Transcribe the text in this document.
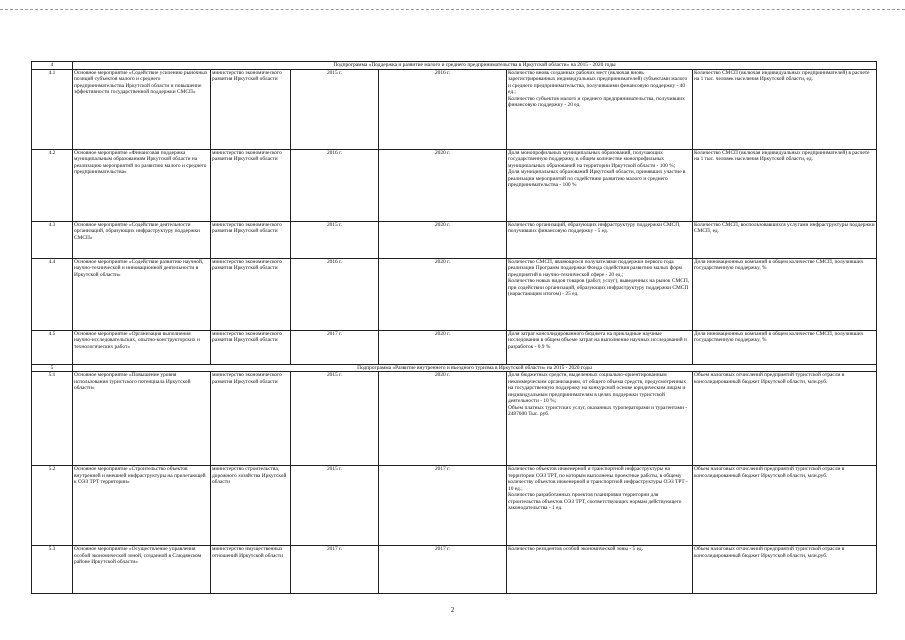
4	Подпрограмма «Поддержка и развитие малого и среднего предпринимательства в Иркутской области» на 2015 - 2020 годы					
4.1	Основное мероприятие «Содействие усилению рыночных позиций субъектов малого и среднего предпринимательства Иркутской области и повышение эффективности государственной поддержки СМСП»	министерство экономического развития Иркутской области	2015 г.	2016 г.	Количество вновь созданных рабочих мест (включая вновь зарегистрированных индивидуальных предпринимателей) субъектами малого и среднего предпринимательства, получившими финансовую поддержку - 40 ед.;
Количество субъектов малого и среднего предпринимательства, получивших финансовую поддержку - 20 ед.	Количество СМСП (включая индивидуальных предпринимателей) в расчете на 1 тыс. человек населения Иркутской области, ед.
4.2	Основное мероприятие «Финансовая поддержка муниципальным образованиям Иркутской области на реализацию мероприятий по развитию малого и среднего предпринимательства»	министерство экономического развития Иркутской области	2016 г.	2020 г.	Доля монопрофильных муниципальных образований, получающих государственную поддержку, в общем количестве монопрофильных муниципальных образований на территории Иркутской области - 100 %;
Доля муниципальных образований Иркутской области, принявших участие в реализации мероприятий по содействию развитию малого и среднего предпринимательства - 100 %	Количество СМСП (включая индивидуальных предпринимателей) в расчете на 1 тыс. человек населения Иркутской области, ед.
4.3	Основное мероприятие «Содействие деятельности организаций, образующих инфраструктуру поддержки СМСП»	министерство экономического развития Иркутской области	2015 г.	2020 г.	Количество организаций, образующих инфраструктуру поддержки СМСП, получивших финансовую поддержку - 5 ед.	Количество СМСП, воспользовавшихся услугами инфраструктуры поддержки СМСП, ед.
4.4	Основное мероприятие «Содействие развитию научной, научно-технической и инновационной деятельности в Иркутской области»	министерство экономического развития Иркутской области	2016 г.	2020 г.	Количество СМСП, являющихся получателями поддержки первого года реализации Программ поддержки Фонда содействия развитию малых форм предприятий в научно-технической сфере - 20 ед.;
Количество новых видов товаров (работ, услуг), выведенных на рынок СМСП, при содействии организаций, образующих инфраструктуру поддержки СМСП (нарастающим итогом) - 25 ед.	Доля инновационных компаний в общем количестве СМСП, получивших государственную поддержку, %
4.5	Основное мероприятие «Организация выполнения научно-исследовательских, опытно-конструкторских и технологических работ»	министерство экономического развития Иркутской области	2017 г.	2020 г.	Доля затрат консолидированного бюджета на прикладные научные исследования в общем объеме затрат на выполнение научных исследований и разработок - 0.9 %	Доля инновационных компаний в общем количестве СМСП, получивших государственную поддержку, %
5	Подпрограмма «Развитие внутреннего и въездного туризма в Иркутской области» на 2015 - 2020 годы					
5.1	Основное мероприятие «Повышение уровня использования туристского потенциала Иркутской области»	министерство экономического развития Иркутской области	2015 г.	2020 г.	Доля бюджетных средств, выделенных социально-ориентированным некоммерческим организациям, от общего объема средств, предусмотренных на государственную поддержку на конкурсной основе юридическим лицам и индивидуальным предпринимателям в целях поддержки туристской деятельности - 10 %;
Объем платных туристских услуг, оказанных туроператорами и турагентами - 2487600 Тыс. руб.	Объем налоговых отчислений предприятий туристской отрасли в консолидированный бюджет Иркутской области, млн.руб.
5.2	Основное мероприятие «Строительство объектов внутренней и внешней инфраструктуры на прилегающей к ОЭЗ ТРТ территории»	министерство строительства, дорожного хозяйства Иркутской области	2015 г.	2017 г.	Количество объектов инженерной и транспортной инфраструктуры на территории ОЭЗ ТРТ, по которым выполнены проектные работы, в общему количеству объектов инженерной и транспортной инфраструктуры ОЭЗ ТРТ - 10 ед.;
Количество разработанных проектов планировки территории для строительства объектов ОЭЗ ТРТ, соответствующих нормам действующего законодательства - 1 ед.	Объем налоговых отчислений предприятий туристской отрасли в консолидированный бюджет Иркутской области, млн.руб.
5.3	Основное мероприятие «Осуществление управления особой экономической зоной, созданной в Слюдянском районе Иркутской области»	министерство имущественных отношений Иркутской области	2017 г.	2017 г.	Количество резидентов особой экономической зоны - 5 ед.	Объем налоговых отчислений предприятий туристской отрасли в консолидированный бюджет Иркутской области, млн.руб.
2
